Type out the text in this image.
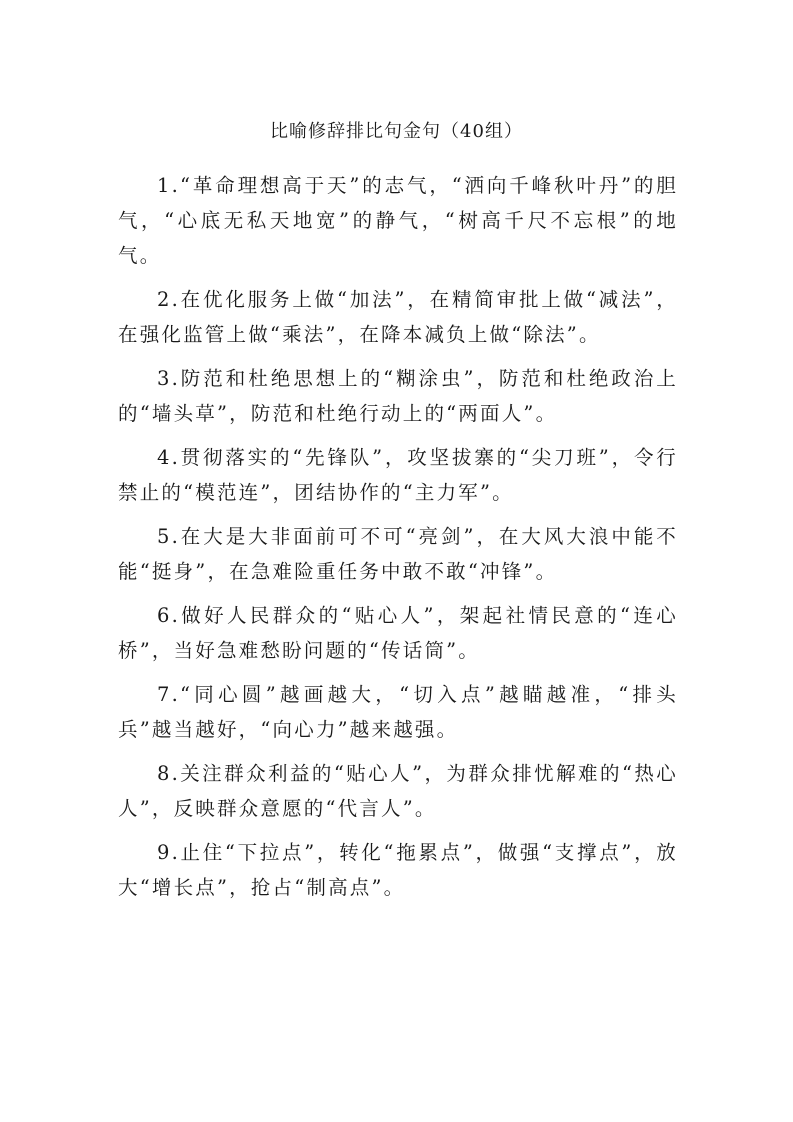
比喻修辞排比句金句（40组）

1.“革命理想高于天”的志气，“洒向千峰秋叶丹”的胆气，“心底无私天地宽”的静气，“树高千尺不忘根”的地气。

2.在优化服务上做“加法”，在精简审批上做“减法”，在强化监管上做“乘法”，在降本减负上做“除法”。

3.防范和杜绝思想上的“糊涂虫”，防范和杜绝政治上的“墙头草”，防范和杜绝行动上的“两面人”。

4.贯彻落实的“先锋队”，攻坚拔寨的“尖刀班”，令行禁止的“模范连”，团结协作的“主力军”。

5.在大是大非面前可不可“亮剑”，在大风大浪中能不能“挺身”，在急难险重任务中敢不敢“冲锋”。

6.做好人民群众的“贴心人”，架起社情民意的“连心桥”，当好急难愁盼问题的“传话筒”。

7.“同心圆”越画越大，“切入点”越瞄越准，“排头兵”越当越好，“向心力”越来越强。

8.关注群众利益的“贴心人”，为群众排忧解难的“热心人”，反映群众意愿的“代言人”。

9.止住“下拉点”，转化“拖累点”，做强“支撑点”，放大“增长点”，抢占“制高点”。
